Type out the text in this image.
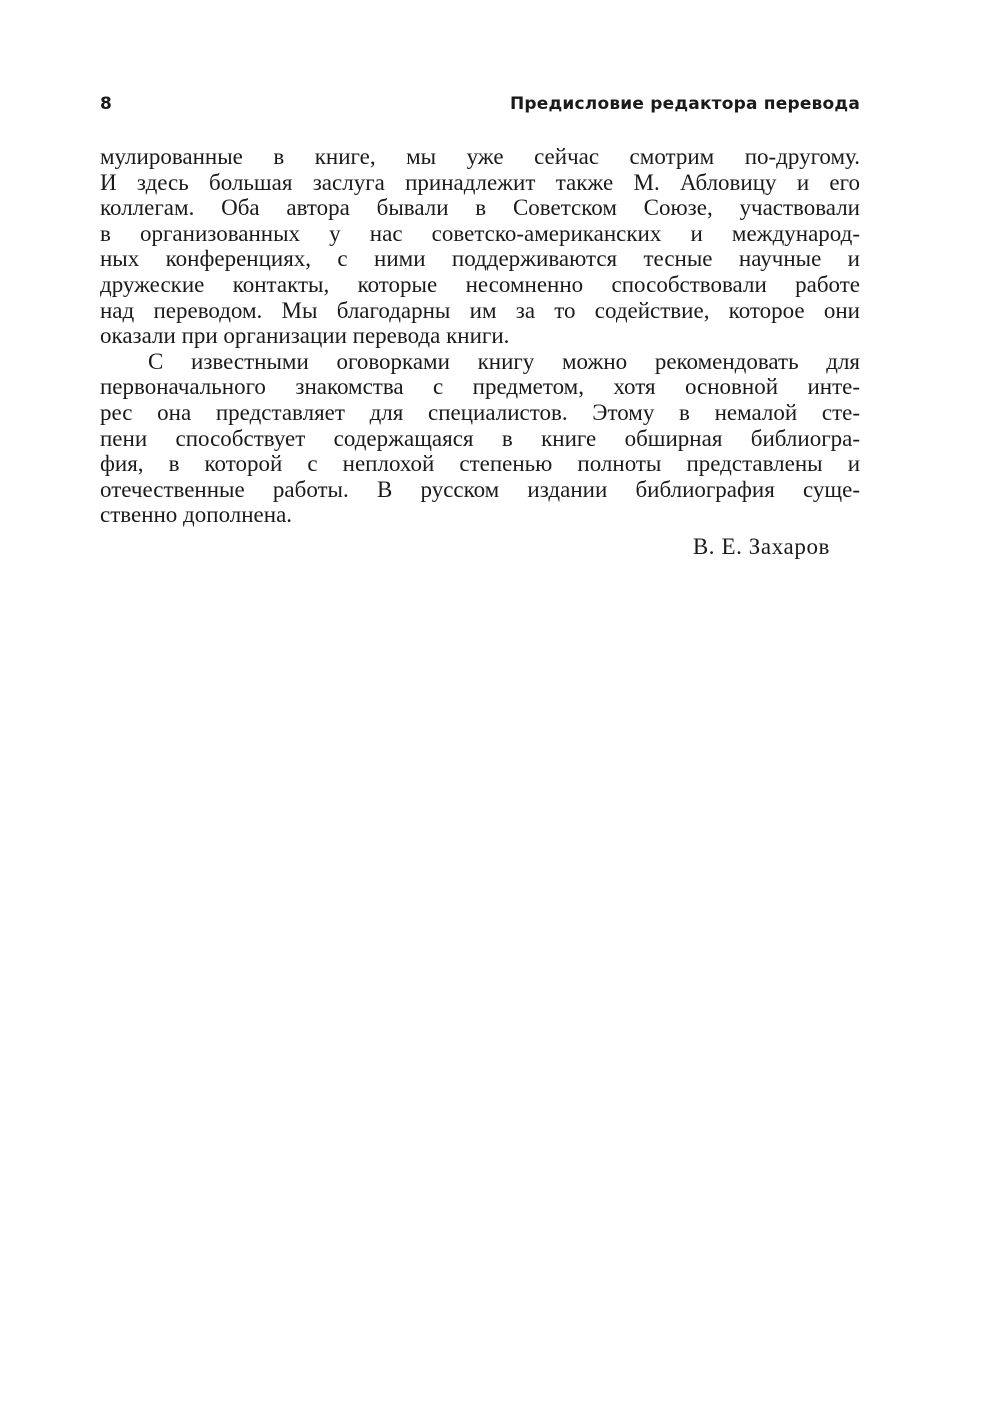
8	Предисловие редактора перевода

мулированные в книге, мы уже сейчас смотрим по-другому.
И здесь большая заслуга принадлежит также М. Абловицу и его
коллегам. Оба автора бывали в Советском Союзе, участвовали
в организованных у нас советско-американских и международ-
ных конференциях, с ними поддерживаются тесные научные и
дружеские контакты, которые несомненно способствовали работе
над переводом. Мы благодарны им за то содействие, которое они
оказали при организации перевода книги.

С известными оговорками книгу можно рекомендовать для
первоначального знакомства с предметом, хотя основной инте-
рес она представляет для специалистов. Этому в немалой сте-
пени способствует содержащаяся в книге обширная библиогра-
фия, в которой с неплохой степенью полноты представлены и
отечественные работы. В русском издании библиография суще-
ственно дополнена.

В. Е. Захаров
